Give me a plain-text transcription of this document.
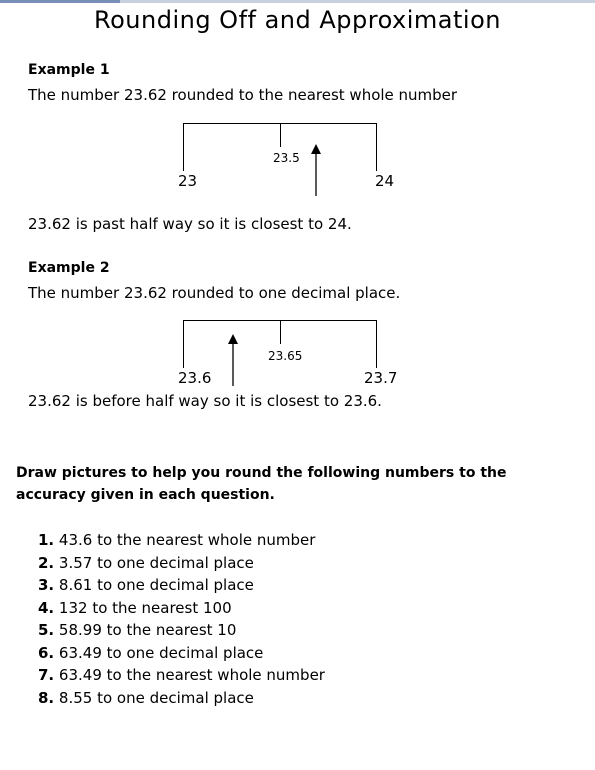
Rounding Off and Approximation
Example 1
The number 23.62 rounded to the nearest whole number
23.5
23	24
23.62 is past half way so it is closest to 24.
Example 2
The number 23.62 rounded to one decimal place.
23.65
23.6	23.7
23.62 is before half way so it is closest to 23.6.
Draw pictures to help you round the following numbers to the accuracy given in each question.
1. 43.6 to the nearest whole number
2. 3.57 to one decimal place
3. 8.61 to one decimal place
4. 132 to the nearest 100
5. 58.99 to the nearest 10
6. 63.49 to one decimal place
7. 63.49 to the nearest whole number
8. 8.55 to one decimal place
